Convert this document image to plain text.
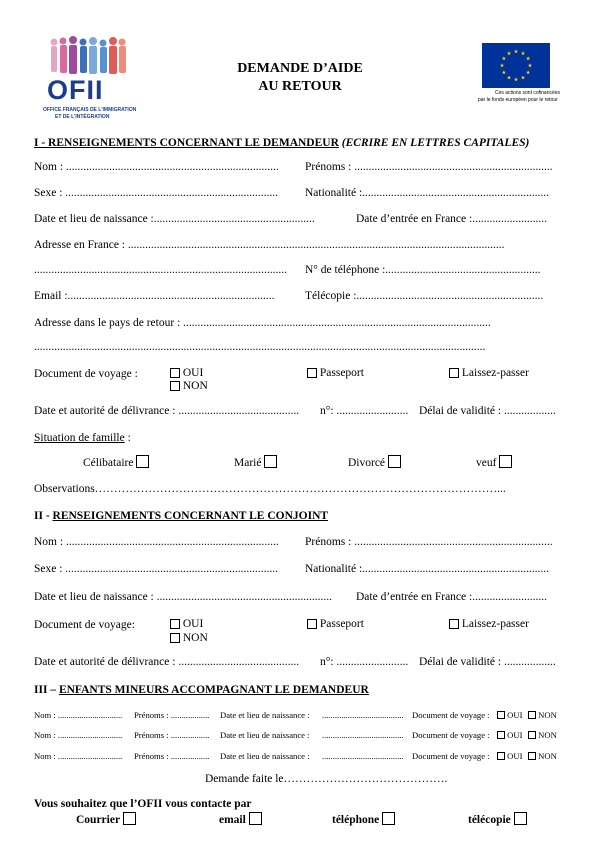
OFII
OFFICE FRANÇAIS DE L'IMMIGRATION
ET DE L'INTÉGRATION
DEMANDE D’AIDE
AU RETOUR	Ces actions sont cofinancées
par le fonds européen pour le retour
I - RENSEIGNEMENTS CONCERNANT LE DEMANDEUR (ECRIRE EN LETTRES CAPITALES)
Nom : .......................................................................... Prénoms : .....................................................................
Sexe : .......................................................................... Nationalité :.................................................................
Date et lieu de naissance :........................................................	Date d’entrée en France :..........................
Adresse en France : ...................................................................................................................................
........................................................................................ N° de téléphone :......................................................
Email :........................................................................	Télécopie :.................................................................
Adresse dans le pays de retour : ...........................................................................................................
.............................................................................................................................................................
Document de voyage :	OUI
NON
Passeport	Laissez-passer
Date et autorité de délivrance : .......................................... n°: ......................... Délai de validité : ..................
Situation de famille :
Célibataire	Marié	Divorcé	veuf
Observations……………………………………………………………………………………………...
II - RENSEIGNEMENTS CONCERNANT LE CONJOINT
Nom : .......................................................................... Prénoms : .....................................................................
Sexe : .......................................................................... Nationalité :.................................................................
Date et lieu de naissance : ............................................................. Date d’entrée en France :..........................
Document de voyage:	OUI
NON
Passeport	Laissez-passer
Date et autorité de délivrance : .......................................... n°: ......................... Délai de validité : ..................
III – ENFANTS MINEURS ACCOMPAGNANT LE DEMANDEUR
Nom : .............................. Prénoms : .................. Date et lieu de naissance : ...................................... Document de voyage :	OUI	NON
Nom : .............................. Prénoms : .................. Date et lieu de naissance : ...................................... Document de voyage :	OUI	NON
Nom : .............................. Prénoms : .................. Date et lieu de naissance : ...................................... Document de voyage :	OUI	NON
Demande faite le…………………………………….
Vous souhaitez que l’OFII vous contacte par
Courrier	email	téléphone	télécopie
